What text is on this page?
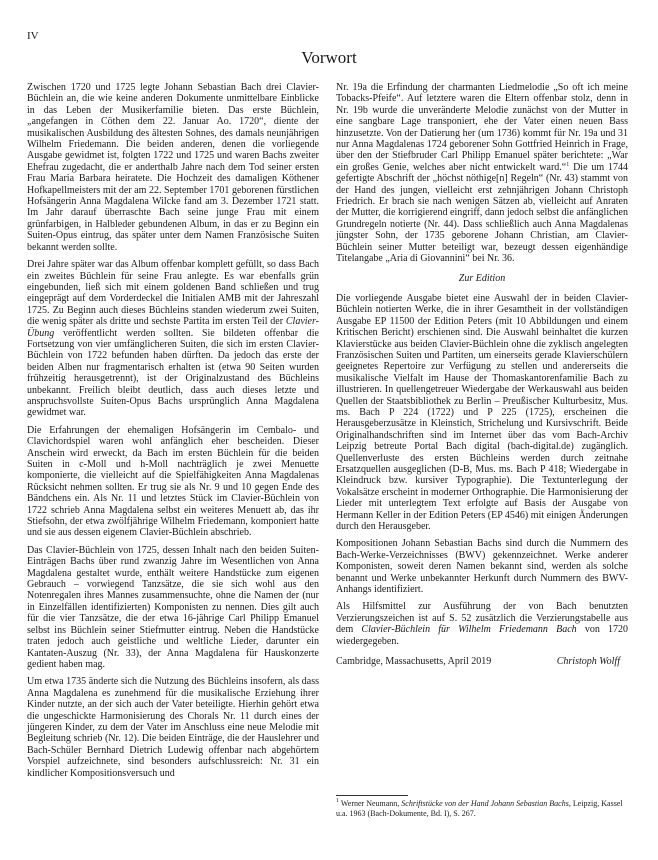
IV
Vorwort

Zwischen 1720 und 1725 legte Johann Sebastian Bach drei Clavier-Büchlein an, die wie keine anderen Dokumente unmittelbare Einblicke in das Leben der Musikerfamilie bieten. Das erste Büchlein, „angefangen in Cöthen dem 22. Januar Ao. 1720“, diente der musikalischen Ausbildung des ältesten Sohnes, des damals neunjährigen Wilhelm Friedemann. Die beiden anderen, denen die vorliegende Ausgabe gewidmet ist, folgten 1722 und 1725 und waren Bachs zweiter Ehefrau zugedacht, die er anderthalb Jahre nach dem Tod seiner ersten Frau Maria Barbara heiratete. Die Hochzeit des damaligen Köthener Hofkapellmeisters mit der am 22. September 1701 geborenen fürstlichen Hofsängerin Anna Magdalena Wilcke fand am 3. Dezember 1721 statt. Im Jahr darauf überraschte Bach seine junge Frau mit einem grünfarbigen, in Halbleder gebundenen Album, in das er zu Beginn ein Suiten-Opus eintrug, das später unter dem Namen Französische Suiten bekannt werden sollte.

Drei Jahre später war das Album offenbar komplett gefüllt, so dass Bach ein zweites Büchlein für seine Frau anlegte. Es war ebenfalls grün eingebunden, ließ sich mit einem goldenen Band schließen und trug eingeprägt auf dem Vorderdeckel die Initialen AMB mit der Jahreszahl 1725. Zu Beginn auch dieses Büchleins standen wiederum zwei Suiten, die wenig später als dritte und sechste Partita im ersten Teil der Clavier-Übung veröffentlicht werden sollten. Sie bildeten offenbar die Fortsetzung von vier umfänglicheren Suiten, die sich im ersten Clavier-Büchlein von 1722 befunden haben dürften. Da jedoch das erste der beiden Alben nur fragmentarisch erhalten ist (etwa 90 Seiten wurden frühzeitig herausgetrennt), ist der Originalzustand des Büchleins unbekannt. Freilich bleibt deutlich, dass auch dieses letzte und anspruchsvollste Suiten-Opus Bachs ursprünglich Anna Magdalena gewidmet war.

Die Erfahrungen der ehemaligen Hofsängerin im Cembalo- und Clavichordspiel waren wohl anfänglich eher bescheiden. Dieser Anschein wird erweckt, da Bach im ersten Büchlein für die beiden Suiten in c-Moll und h-Moll nachträglich je zwei Menuette komponierte, die vielleicht auf die Spielfähigkeiten Anna Magdalenas Rücksicht nehmen sollten. Er trug sie als Nr. 9 und 10 gegen Ende des Bändchens ein. Als Nr. 11 und letztes Stück im Clavier-Büchlein von 1722 schrieb Anna Magdalena selbst ein weiteres Menuett ab, das ihr Stiefsohn, der etwa zwölfjährige Wilhelm Friedemann, komponiert hatte und sie aus dessen eigenem Clavier-Büchlein abschrieb.

Das Clavier-Büchlein von 1725, dessen Inhalt nach den beiden Suiten-Einträgen Bachs über rund zwanzig Jahre im Wesentlichen von Anna Magdalena gestaltet wurde, enthält weitere Handstücke zum eigenen Gebrauch – vorwiegend Tanzsätze, die sie sich wohl aus den Notenregalen ihres Mannes zusammensuchte, ohne die Namen der (nur in Einzelfällen identifizierten) Komponisten zu nennen. Dies gilt auch für die vier Tanzsätze, die der etwa 16-jährige Carl Philipp Emanuel selbst ins Büchlein seiner Stiefmutter eintrug. Neben die Handstücke traten jedoch auch geistliche und weltliche Lieder, darunter ein Kantaten-Auszug (Nr. 33), der Anna Magdalena für Hauskonzerte gedient haben mag.

Um etwa 1735 änderte sich die Nutzung des Büchleins insofern, als dass Anna Magdalena es zunehmend für die musikalische Erziehung ihrer Kinder nutzte, an der sich auch der Vater beteiligte. Hierhin gehört etwa die ungeschickte Harmonisierung des Chorals Nr. 11 durch eines der jüngeren Kinder, zu dem der Vater im Anschluss eine neue Melodie mit Begleitung schrieb (Nr. 12). Die beiden Einträge, die der Hauslehrer und Bach-Schüler Bernhard Dietrich Ludewig offenbar nach abgehörtem Vorspiel aufzeichnete, sind besonders aufschlussreich: Nr. 31 ein kindlicher Kompositionsversuch und

Nr. 19a die Erfindung der charmanten Liedmelodie „So oft ich meine Tobacks-Pfeife“. Auf letztere waren die Eltern offenbar stolz, denn in Nr. 19b wurde die unveränderte Melodie zunächst von der Mutter in eine sangbare Lage transponiert, ehe der Vater einen neuen Bass hinzusetzte. Von der Datierung her (um 1736) kommt für Nr. 19a und 31 nur Anna Magdalenas 1724 geborener Sohn Gottfried Heinrich in Frage, über den der Stiefbruder Carl Philipp Emanuel später berichtete: „War ein großes Genie, welches aber nicht entwickelt ward.“$^1$ Die um 1744 gefertigte Abschrift der „höchst nöthige[n] Regeln“ (Nr. 43) stammt von der Hand des jungen, vielleicht erst zehnjährigen Johann Christoph Friedrich. Er brach sie nach wenigen Sätzen ab, vielleicht auf Anraten der Mutter, die korrigierend eingriff, dann jedoch selbst die anfänglichen Grundregeln notierte (Nr. 44). Dass schließlich auch Anna Magdalenas jüngster Sohn, der 1735 geborene Johann Christian, am Clavier-Büchlein seiner Mutter beteiligt war, bezeugt dessen eigenhändige Titelangabe „Aria di Giovannini“ bei Nr. 36.

Zur Edition

Die vorliegende Ausgabe bietet eine Auswahl der in beiden Clavier-Büchlein notierten Werke, die in ihrer Gesamtheit in der vollständigen Ausgabe EP 11500 der Edition Peters (mit 10 Abbildungen und einem Kritischen Bericht) erschienen sind. Die Auswahl beinhaltet die kurzen Klavierstücke aus beiden Clavier-Büchlein ohne die zyklisch angelegten Französischen Suiten und Partiten, um einerseits gerade Klavierschülern geeignetes Repertoire zur Verfügung zu stellen und andererseits die musikalische Vielfalt im Hause der Thomaskantorenfamilie Bach zu illustrieren. In quellengetreuer Wiedergabe der Werkauswahl aus beiden Quellen der Staatsbibliothek zu Berlin – Preußischer Kulturbesitz, Mus. ms. Bach P 224 (1722) und P 225 (1725), erscheinen die Herausgeberzusätze in Kleinstich, Strichelung und Kursivschrift. Beide Originalhandschriften sind im Internet über das vom Bach-Archiv Leipzig betreute Portal Bach digital (bach-digital.de) zugänglich. Quellenverluste des ersten Büchleins werden durch zeitnahe Ersatzquellen ausgeglichen (D-B, Mus. ms. Bach P 418; Wiedergabe in Kleindruck bzw. kursiver Typographie). Die Textunterlegung der Vokalsätze erscheint in moderner Orthographie. Die Harmonisierung der Lieder mit unterlegtem Text erfolgte auf Basis der Ausgabe von Hermann Keller in der Edition Peters (EP 4546) mit einigen Änderungen durch den Herausgeber.

Kompositionen Johann Sebastian Bachs sind durch die Nummern des Bach-Werke-Verzeichnisses (BWV) gekennzeichnet. Werke anderer Komponisten, soweit deren Namen bekannt sind, werden als solche benannt und Werke unbekannter Herkunft durch Nummern des BWV-Anhangs identifiziert.

Als Hilfsmittel zur Ausführung der von Bach benutzten Verzierungszeichen ist auf S. 52 zusätzlich die Verzierungstabelle aus dem Clavier-Büchlein für Wilhelm Friedemann Bach von 1720 wiedergegeben.

Cambridge, Massachusetts, April 2019	Christoph Wolff
$^1$ Werner Neumann, Schriftstücke von der Hand Johann Sebastian Bachs, Leipzig, Kassel u.a. 1963 (Bach-Dokumente, Bd. I), S. 267.
